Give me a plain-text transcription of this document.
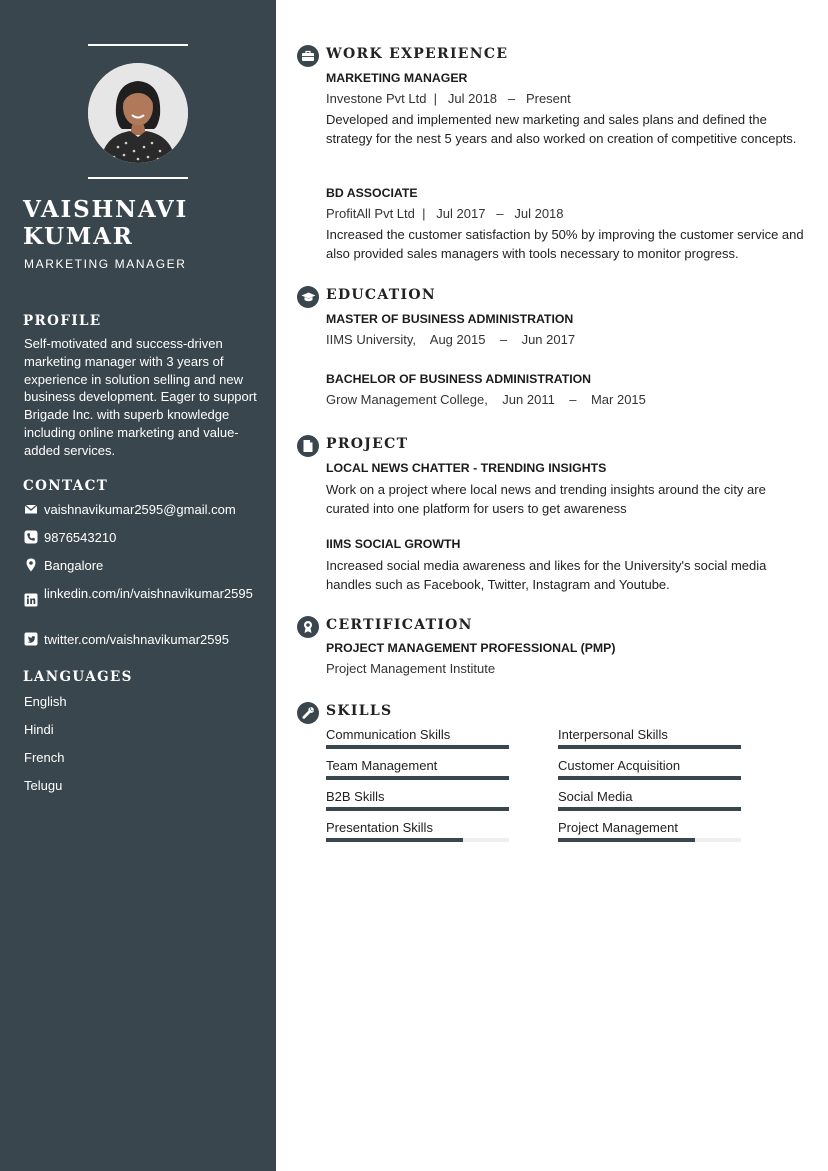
VAISHNAVI
KUMAR
MARKETING MANAGER
PROFILE
Self-motivated and success-driven marketing manager with 3 years of experience in solution selling and new business development. Eager to support Brigade Inc. with superb knowledge including online marketing and value-added services.
CONTACT
vaishnavikumar2595@gmail.com
9876543210
Bangalore
linkedin.com/in/vaishnavikumar2595
twitter.com/vaishnavikumar2595
LANGUAGES
English
Hindi
French
Telugu
WORK EXPERIENCE
MARKETING MANAGER
Investone Pvt Ltd  |   Jul 2018   –   Present
Developed and implemented new marketing and sales plans and defined the strategy for the nest 5 years and also worked on creation of competitive concepts.
BD ASSOCIATE
ProfitAll Pvt Ltd  |   Jul 2017   –   Jul 2018
Increased the customer satisfaction by 50% by improving the customer service and also provided sales managers with tools necessary to monitor progress.
EDUCATION
MASTER OF BUSINESS ADMINISTRATION
IIMS University,    Aug 2015    –    Jun 2017
BACHELOR OF BUSINESS ADMINISTRATION
Grow Management College,    Jun 2011    –    Mar 2015
PROJECT
LOCAL NEWS CHATTER - TRENDING INSIGHTS
Work on a project where local news and trending insights around the city are curated into one platform for users to get awareness
IIMS SOCIAL GROWTH
Increased social media awareness and likes for the University's social media handles such as Facebook, Twitter, Instagram and Youtube.
CERTIFICATION
PROJECT MANAGEMENT PROFESSIONAL (PMP)
Project Management Institute
SKILLS
Communication Skills	Interpersonal Skills
Team Management	Customer Acquisition
B2B Skills	Social Media
Presentation Skills	Project Management
